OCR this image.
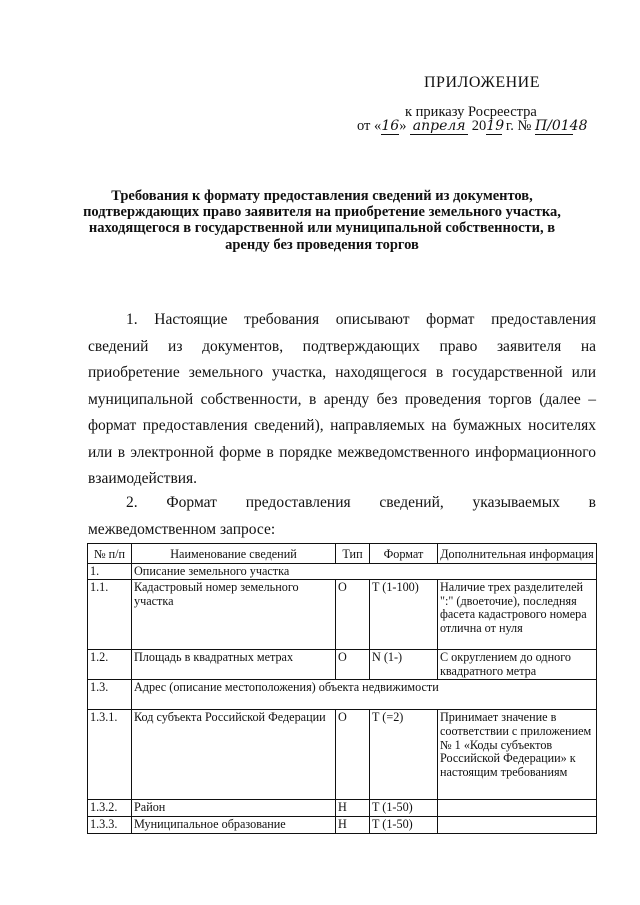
ПРИЛОЖЕНИЕ
к приказу Росреестра
от «16» апреля 2019 г. № П/0148
Требования к формату предоставления сведений из документов, подтверждающих право заявителя на приобретение земельного участка, находящегося в государственной или муниципальной собственности, в аренду без проведения торгов
1. Настоящие требования описывают формат предоставления сведений из документов, подтверждающих право заявителя на приобретение земельного участка, находящегося в государственной или муниципальной собственности, в аренду без проведения торгов (далее – формат предоставления сведений), направляемых на бумажных носителях или в электронной форме в порядке межведомственного информационного взаимодействия.
2. Формат предоставления сведений, указываемых в межведомственном запросе:
№ п/п	Наименование сведений	Тип	Формат	Дополнительная информация
1.	Описание земельного участка			
1.1.	Кадастровый номер земельного участка	O	T (1-100)	Наличие трех разделителей ":" (двоеточие), последняя фасета кадастрового номера отлична от нуля
1.2.	Площадь в квадратных метрах	O	N (1-)	С округлением до одного квадратного метра
1.3.	Адрес (описание местоположения) объекта недвижимости			
1.3.1.	Код субъекта Российской Федерации	O	T (=2)	Принимает значение в соответствии с приложением № 1 «Коды субъектов Российской Федерации» к настоящим требованиям
1.3.2.	Район	Н	T (1-50)	
1.3.3.	Муниципальное образование	Н	T (1-50)	
